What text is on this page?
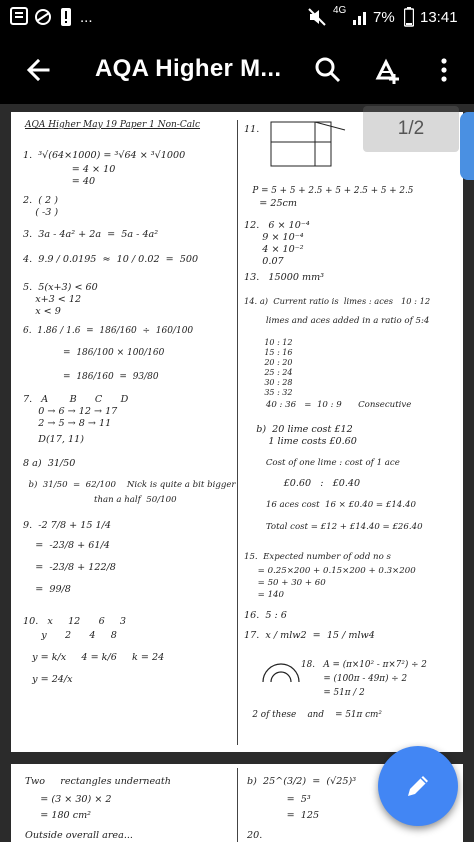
...	4G 7% 13:41
AQA Higher M...
AQA Higher May 19 Paper 1 Non-Calc
1.  ³√(64×1000) = ³√64 × ³√1000
= 4 × 10
= 40
2.  ( 2 )
( -3 )
3.  3a - 4a² + 2a  =  5a - 4a²
4.  9.9 / 0.0195  ≈  10 / 0.02  =  500
5.  5(x+3) < 60
x+3 < 12
x < 9
6.  1.86 / 1.6  =  186/160  ÷  160/100
=  186/100 × 100/160
=  186/160  =  93/80
7.   A       B      C      D
0 → 6 → 12 → 17
2 → 5 → 8 → 11
D(17, 11)
8 a)  31/50
b)  31/50  =  62/100    Nick is quite a bit bigger
than a half  50/100
9.  -2 7/8 + 15 1/4
=  -23/8 + 61/4
=  -23/8 + 122/8
=  99/8
10.   x     12      6     3
y      2      4     8
y = k/x     4 = k/6     k = 24
y = 24/x
11.
P = 5 + 5 + 2.5 + 5 + 2.5 + 5 + 2.5
= 25cm
12.   6 × 10⁻⁴
9 × 10⁻⁴
4 × 10⁻²
0.07
13.   15000 mm³
14. a)  Current ratio is  limes : aces   10 : 12
limes and aces added in a ratio of 5:4
10 : 12
15 : 16
20 : 20
25 : 24
30 : 28
35 : 32
40 : 36   =  10 : 9      Consecutive
b)  20 lime cost £12
1 lime costs £0.60
Cost of one lime : cost of 1 ace
£0.60   :   £0.40
16 aces cost  16 × £0.40 = £14.40
Total cost = £12 + £14.40 = £26.40
15.  Expected number of odd no s
= 0.25×200 + 0.15×200 + 0.3×200
= 50 + 30 + 60
= 140
16.  5 : 6
17.  x / mlw2  =  15 / mlw4
18.   A = (π×10² - π×7²) ÷ 2
= (100π - 49π) ÷ 2
= 51π / 2
2 of these    and    = 51π cm²
1/2
Two     rectangles underneath
= (3 × 30) × 2
= 180 cm²
Outside overall area...
b)  25^(3/2)  =  (√25)³
=  5³
=  125
20.
